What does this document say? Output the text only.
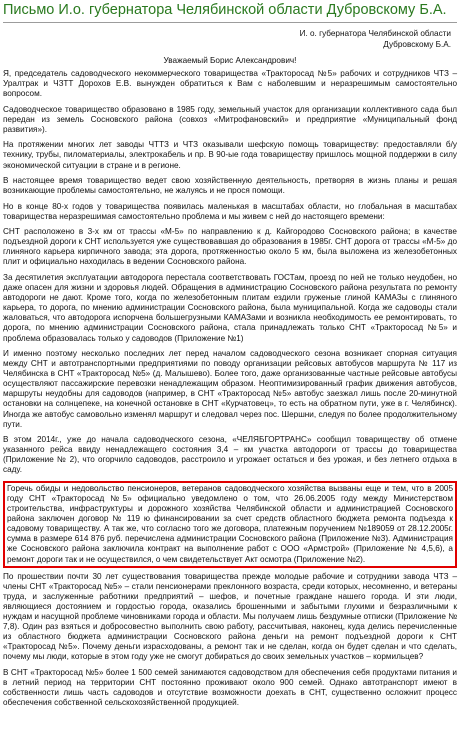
Письмо И.о. губернатора Челябинской области Дубровскому Б.А.
И. о. губернатора Челябинской области
Дубровскому Б.А.
Уважаемый Борис Александрович!

Я, председатель садоводческого некоммерческого товарищества «Тракторосад №5» рабочих и сотрудников ЧТЗ – Уралтрак и ЧЗТТ Дорохов Е.В. вынужден обратиться к Вам с наболевшим и неразрешимым самостоятельно вопросом.

Садоводческое товарищество образовано в 1985 году, земельный участок для организации коллективного сада был передан из земель Сосновского района (совхоз «Митрофановский» и предприятие «Муниципальный фонд развития»).

На протяжении многих лет заводы ЧТТЗ и ЧТЗ оказывали шефскую помощь товариществу: предоставляли б/у технику, трубы, пиломатериалы, электрокабель и пр. В 90-ые года товариществу пришлось мощной поддержки в силу экономической ситуации в стране и в регионе.

В настоящее время товарищество ведет свою хозяйственную деятельность, претворяя в жизнь планы и решая возникающие проблемы самостоятельно, не жалуясь и не прося помощи.

Но в конце 80-х годов у товарищества появилась маленькая в масштабах области, но глобальная в масштабах товарищества неразрешимая самостоятельно проблема и мы живем с ней до настоящего времени:

СНТ расположено в 3-х км от трассы «М-5» по направлению к д. Кайгородово Сосновского района; в качестве подъездной дороги к СНТ используется уже существовавшая до образования в 1985г. СНТ дорога от трассы «М-5» до глиняного карьера кирпичного завода; эта дорога, протяженностью около 5 км, была выложена из железобетонных плит и официально находилась в ведении Сосновского района.

За десятилетия эксплуатации автодорога перестала соответствовать ГОСТам, проезд по ней не только неудобен, но даже опасен для жизни и здоровья людей. Обращения в администрацию Сосновского района результата по ремонту автодороги не дают. Кроме того, когда по железобетонным плитам ездили груженые глиной КАМАЗы с глиняного карьера, то дорога, по мнению администрации Сосновского района, была муниципальной. Когда же садоводы стали жаловаться, что автодорога испорчена большегрузными КАМАЗами и возникла необходимость ее ремонтировать, то дорога, по мнению администрации Сосновского района, стала принадлежать только СНТ «Тракторосад №5» и проблема образовалась только у садоводов (Приложение №1)

И именно поэтому несколько последних лет перед началом садоводческого сезона возникает спорная ситуация между СНТ и автотранспортными предприятиями по поводу организации рейсовых автобусов маршрута № 117 из Челябинска в СНТ «Тракторосад №5» (д. Малышево). Более того, даже организованные частные рейсовые автобусы осуществляют пассажирские перевозки ненадлежащим образом. Неоптимизированный график движения автобусов, маршруты неудобны для садоводов (например, в СНТ «Тракторосад №5» автобус заезжал лишь после 20-минутной остановки на солнцепеке, на конечной остановке в СНТ «Курчатовец», то есть на обратном пути, уже в г. Челябинск). Иногда же автобус самовольно изменял маршрут и следовал через пос. Шершни, следуя по более продолжительному пути.

В этом 2014г., уже до начала садоводческого сезона, «ЧЕЛЯБГОРТРАНС» сообщил товариществу об отмене указанного рейса ввиду ненадлежащего состояния 3,4 – км участка автодороги от трассы до товарищества (Приложение № 2), что огорчило садоводов, расстроило и угрожает остаться и без урожая, и без летнего отдыха в саду.

Горечь обиды и недовольство пенсионеров, ветеранов садоводческого хозяйства вызваны еще и тем, что в 2005 году СНТ «Тракторосад №5» официально уведомлено о том, что 26.06.2005 году между Министерством строительства, инфраструктуры и дорожного хозяйства Челябинской области и администрацией Сосновского района заключен договор № 119 ю финансировании за счет средств областного бюджета ремонта подъезда к садовому товариществу. А так же, что согласно того же договора, платежным поручением №189059 от 28.12.2005г. сумма в размере 614 876 руб. перечислена администрации Сосновского района (Приложение №3). Администрация же Сосновского района заключила контракт на выполнение работ с ООО «Армстрой» (Приложение № 4,5,6), а ремонт дороги так и не осуществился, о чем свидетельствует Акт осмотра (Приложение №2).

По прошествии почти 30 лет существования товарищества прежде молодые рабочие и сотрудники завода ЧТЗ – члены СНТ «Тракторосад №5» – стали пенсионерами преклонного возраста, среди которых, несомненно, и ветераны труда, и заслуженные работники предприятий – шефов, и почетные граждане нашего города. И эти люди, являющиеся достоянием и гордостью города, оказались брошенными и забытыми глухими и безразличными к нуждам и насущной проблеме чиновниками города и области. Мы получаем лишь бездумные отписки (Приложение № 7,8). Один раз взяться и добросовестно выполнить свою работу, рассчитывая, наконец, куда делись перечисленные из областного бюджета администрации Сосновского района деньги на ремонт подъездной дороги к СНТ «Тракторосад №5». Почему деньги израсходованы, а ремонт так и не сделан, когда он будет сделан и что сделать, почему мы люди, которые в этом году уже не смогут добираться до своих земельных участков – кормильцев?

В СНТ «Тракторосад №5» более 1 500 семей занимаются садоводством для обеспечения себя продуктами питания и в летний период на территории СНТ постоянно проживают около 900 семей. Однако автотранспорт имеют в собственности лишь часть садоводов и отсутствие возможности доехать в СНТ, существенно осложнит процесс обеспечения собственной сельскохозяйственной продукцией.
